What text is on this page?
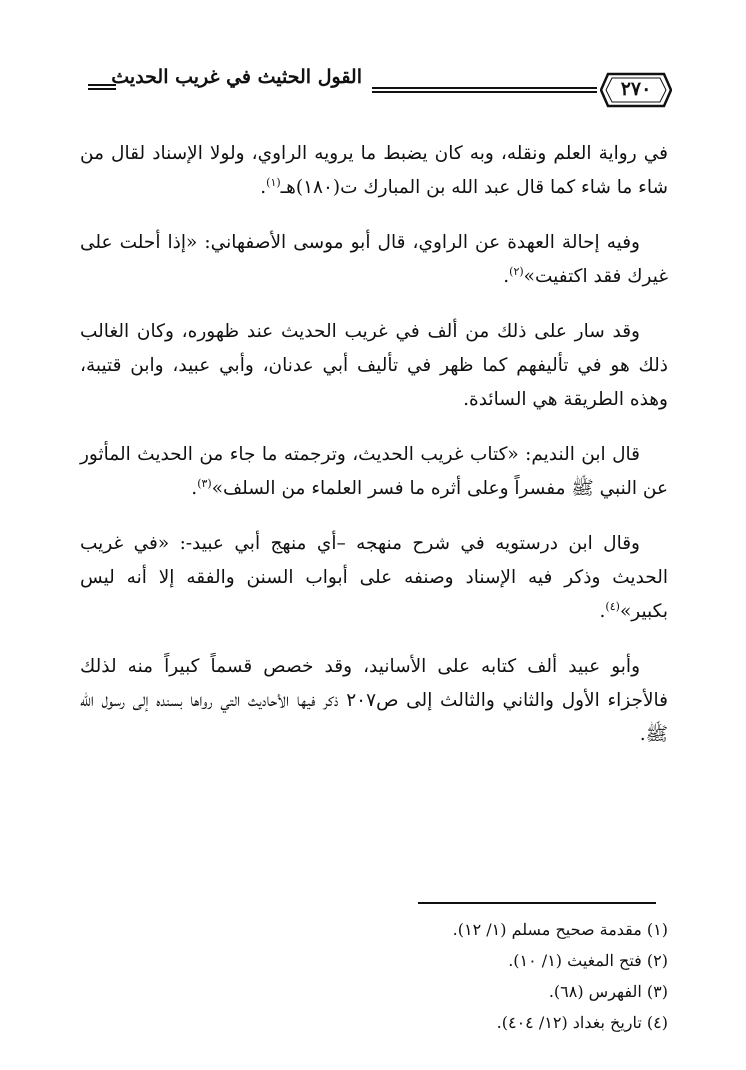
القول الحثيث في غريب الحديث
٢٧٠

في رواية العلم ونقله، وبه كان يضبط ما يرويه الراوي، ولولا الإسناد لقال من شاء ما شاء كما قال عبد الله بن المبارك ت(١٨٠)هـ$^{(١)}$.

وفيه إحالة العهدة عن الراوي، قال أبو موسى الأصفهاني: «إذا أحلت على غيرك فقد اكتفيت»$^{(٢)}$.

وقد سار على ذلك من ألف في غريب الحديث عند ظهوره، وكان الغالب ذلك هو في تأليفهم كما ظهر في تأليف أبي عدنان، وأبي عبيد، وابن قتيبة، وهذه الطريقة هي السائدة.

قال ابن النديم: «كتاب غريب الحديث، وترجمته ما جاء من الحديث المأثور عن النبي ﷺ مفسراً وعلى أثره ما فسر العلماء من السلف»$^{(٣)}$.

وقال ابن درستويه في شرح منهجه –أي منهج أبي عبيد-: «في غريب الحديث وذكر فيه الإسناد وصنفه على أبواب السنن والفقه إلا أنه ليس بكبير»$^{(٤)}$.

وأبو عبيد ألف كتابه على الأسانيد، وقد خصص قسماً كبيراً منه لذلك فالأجزاء الأول والثاني والثالث إلى ص٢٠٧ ذكر فيها الأحاديث التي رواها بسنده إلى رسول الله ﷺ.

(١) مقدمة صحيح مسلم (١/ ١٢).
(٢) فتح المغيث (١/ ١٠).
(٣) الفهرس (٦٨).
(٤) تاريخ بغداد (١٢/ ٤٠٤).
